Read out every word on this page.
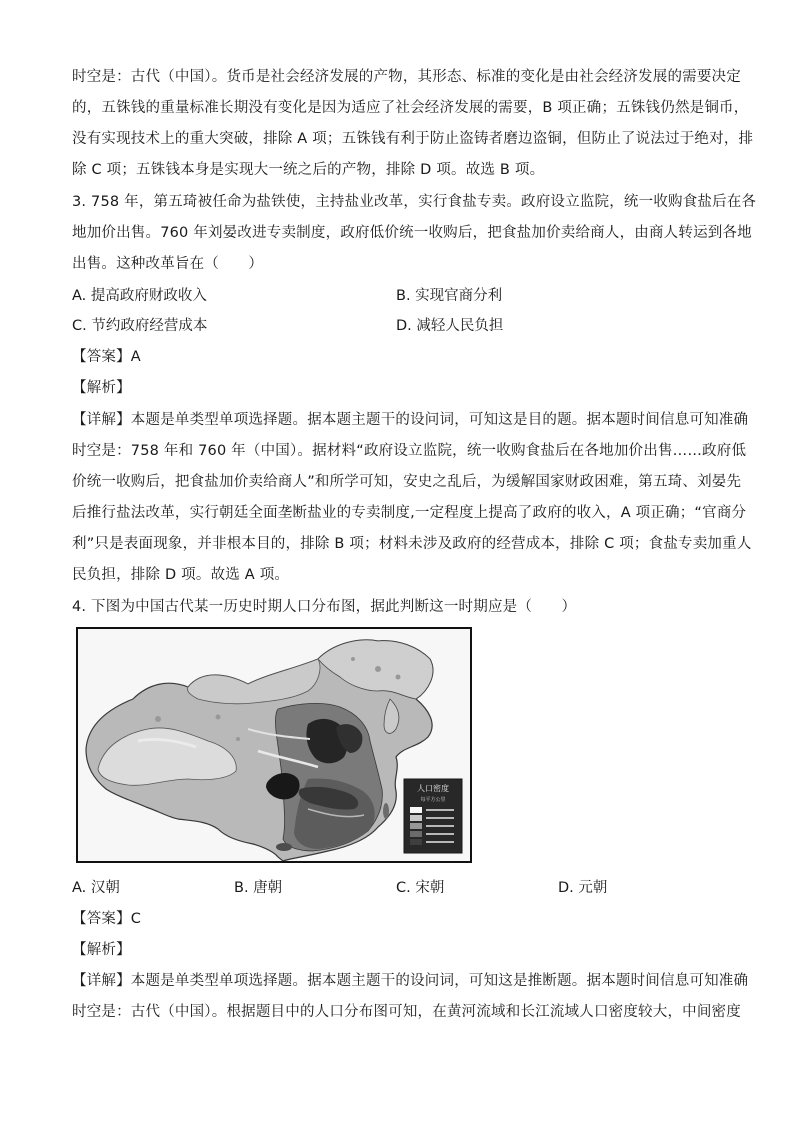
时空是：古代（中国）。货币是社会经济发展的产物，其形态、标准的变化是由社会经济发展的需要决定
的，五铢钱的重量标准长期没有变化是因为适应了社会经济发展的需要，B 项正确；五铢钱仍然是铜币，
没有实现技术上的重大突破，排除 A 项；五铢钱有利于防止盗铸者磨边盗铜，但防止了说法过于绝对，排
除 C 项；五铢钱本身是实现大一统之后的产物，排除 D 项。故选 B 项。
3. 758 年，第五琦被任命为盐铁使，主持盐业改革，实行食盐专卖。政府设立监院，统一收购食盐后在各
地加价出售。760 年刘晏改进专卖制度，政府低价统一收购后，把食盐加价卖给商人，由商人转运到各地
出售。这种改革旨在（　　）
A. 提高政府财政收入	B. 实现官商分利
C. 节约政府经营成本	D. 减轻人民负担
【答案】A
【解析】
【详解】本题是单类型单项选择题。据本题主题干的设问词，可知这是目的题。据本题时间信息可知准确
时空是：758 年和 760 年（中国）。据材料“政府设立监院，统一收购食盐后在各地加价出售……政府低
价统一收购后，把食盐加价卖给商人”和所学可知，安史之乱后，为缓解国家财政困难，第五琦、刘晏先
后推行盐法改革，实行朝廷全面垄断盐业的专卖制度,一定程度上提高了政府的收入，A 项正确；“官商分
利”只是表面现象，并非根本目的，排除 B 项；材料未涉及政府的经营成本，排除 C 项；食盐专卖加重人
民负担，排除 D 项。故选 A 项。
4. 下图为中国古代某一历史时期人口分布图，据此判断这一时期应是（　　）
人口密度
每平方公里
A. 汉朝	B. 唐朝	C. 宋朝	D. 元朝
【答案】C
【解析】
【详解】本题是单类型单项选择题。据本题主题干的设问词，可知这是推断题。据本题时间信息可知准确
时空是：古代（中国）。根据题目中的人口分布图可知，在黄河流域和长江流域人口密度较大，中间密度
